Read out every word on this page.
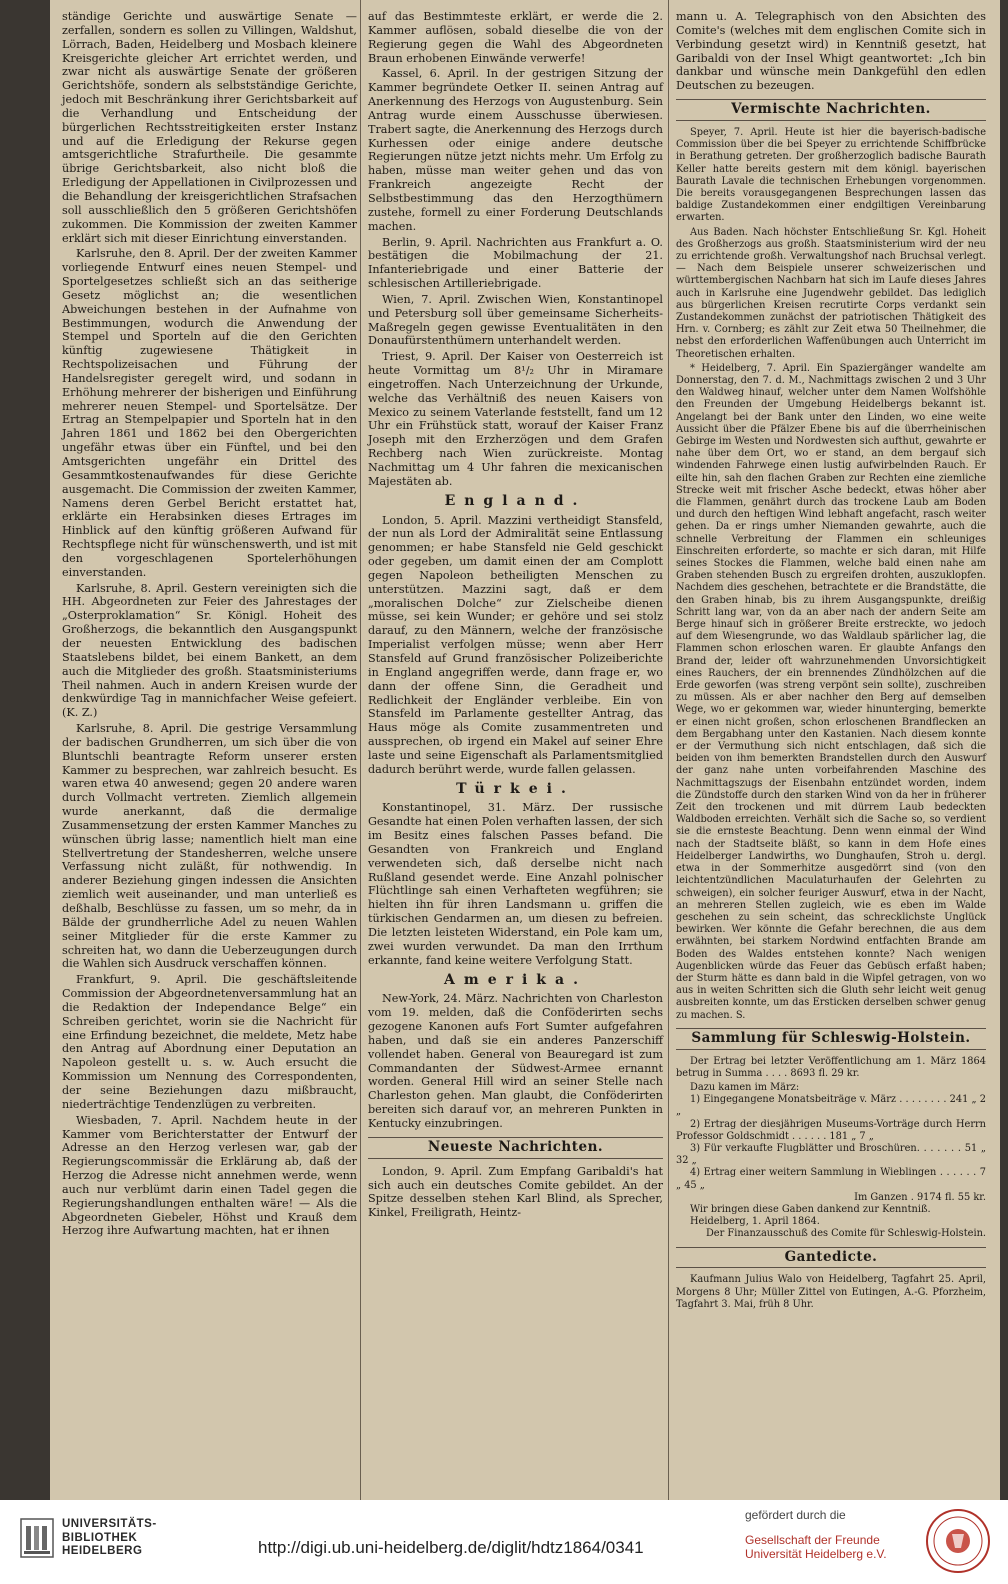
ständige Gerichte und auswärtige Senate — zerfallen, sondern es sollen zu Villingen, Waldshut, Lörrach, Baden, Heidelberg und Mosbach kleinere Kreisgerichte gleicher Art errichtet werden, und zwar nicht als auswärtige Senate der größeren Gerichtshöfe, sondern als selbstständige Gerichte, jedoch mit Beschränkung ihrer Gerichtsbarkeit auf die Verhandlung und Entscheidung der bürgerlichen Rechtsstreitigkeiten erster Instanz und auf die Erledigung der Rekurse gegen amtsgerichtliche Strafurtheile. Die gesammte übrige Gerichtsbarkeit, also nicht bloß die Erledigung der Appellationen in Civilprozessen und die Behandlung der kreisgerichtlichen Strafsachen soll ausschließlich den 5 größeren Gerichtshöfen zukommen. Die Kommission der zweiten Kammer erklärt sich mit dieser Einrichtung einverstanden.

Karlsruhe, den 8. April. Der der zweiten Kammer vorliegende Entwurf eines neuen Stempel- und Sportelgesetzes schließt sich an das seitherige Gesetz möglichst an; die wesentlichen Abweichungen bestehen in der Aufnahme von Bestimmungen, wodurch die Anwendung der Stempel und Sporteln auf die den Gerichten künftig zugewiesene Thätigkeit in Rechtspolizeisachen und Führung der Handelsregister geregelt wird, und sodann in Erhöhung mehrerer der bisherigen und Einführung mehrerer neuen Stempel- und Sportelsätze. Der Ertrag an Stempelpapier und Sporteln hat in den Jahren 1861 und 1862 bei den Obergerichten ungefähr etwas über ein Fünftel, und bei den Amtsgerichten ungefähr ein Drittel des Gesammtkostenaufwandes für diese Gerichte ausgemacht. Die Commission der zweiten Kammer, Namens deren Gerbel Bericht erstattet hat, erklärte ein Herabsinken dieses Ertrages im Hinblick auf den künftig größeren Aufwand für Rechtspflege nicht für wünschenswerth, und ist mit den vorgeschlagenen Sportelerhöhungen einverstanden.

Karlsruhe, 8. April. Gestern vereinigten sich die HH. Abgeordneten zur Feier des Jahrestages der „Osterproklamation“ Sr. Königl. Hoheit des Großherzogs, die bekanntlich den Ausgangspunkt der neuesten Entwicklung des badischen Staatslebens bildet, bei einem Bankett, an dem auch die Mitglieder des großh. Staatsministeriums Theil nahmen. Auch in andern Kreisen wurde der denkwürdige Tag in mannichfacher Weise gefeiert. (K. Z.)

Karlsruhe, 8. April. Die gestrige Versammlung der badischen Grundherren, um sich über die von Bluntschli beantragte Reform unserer ersten Kammer zu besprechen, war zahlreich besucht. Es waren etwa 40 anwesend; gegen 20 andere waren durch Vollmacht vertreten. Ziemlich allgemein wurde anerkannt, daß die dermalige Zusammensetzung der ersten Kammer Manches zu wünschen übrig lasse; namentlich hielt man eine Stellvertretung der Standesherren, welche unsere Verfassung nicht zuläßt, für nothwendig. In anderer Beziehung gingen indessen die Ansichten ziemlich weit auseinander, und man unterließ es deßhalb, Beschlüsse zu fassen, um so mehr, da in Bälde der grundherrliche Adel zu neuen Wahlen seiner Mitglieder für die erste Kammer zu schreiten hat, wo dann die Ueberzeugungen durch die Wahlen sich Ausdruck verschaffen können.

Frankfurt, 9. April. Die geschäftsleitende Commission der Abgeordnetenversammlung hat an die Redaktion der Independance Belge“ ein Schreiben gerichtet, worin sie die Nachricht für eine Erfindung bezeichnet, die meldete, Metz habe den Antrag auf Abordnung einer Deputation an Napoleon gestellt u. s. w. Auch ersucht die Kommission um Nennung des Correspondenten, der seine Beziehungen dazu mißbraucht, niederträchtige Tendenzlügen zu verbreiten.

Wiesbaden, 7. April. Nachdem heute in der Kammer vom Berichterstatter der Entwurf der Adresse an den Herzog verlesen war, gab der Regierungscommissär die Erklärung ab, daß der Herzog die Adresse nicht annehmen werde, wenn auch nur verblümt darin einen Tadel gegen die Regierungshandlungen enthalten wäre! — Als die Abgeordneten Giebeler, Höhst und Krauß dem Herzog ihre Aufwartung machten, hat er ihnen

auf das Bestimmteste erklärt, er werde die 2. Kammer auflösen, sobald dieselbe die von der Regierung gegen die Wahl des Abgeordneten Braun erhobenen Einwände verwerfe!

Kassel, 6. April. In der gestrigen Sitzung der Kammer begründete Oetker II. seinen Antrag auf Anerkennung des Herzogs von Augustenburg. Sein Antrag wurde einem Ausschusse überwiesen. Trabert sagte, die Anerkennung des Herzogs durch Kurhessen oder einige andere deutsche Regierungen nütze jetzt nichts mehr. Um Erfolg zu haben, müsse man weiter gehen und das von Frankreich angezeigte Recht der Selbstbestimmung das den Herzogthümern zustehe, formell zu einer Forderung Deutschlands machen.

Berlin, 9. April. Nachrichten aus Frankfurt a. O. bestätigen die Mobilmachung der 21. Infanteriebrigade und einer Batterie der schlesischen Artilleriebrigade.

Wien, 7. April. Zwischen Wien, Konstantinopel und Petersburg soll über gemeinsame Sicherheits-Maßregeln gegen gewisse Eventualitäten in den Donaufürstenthümern unterhandelt werden.

Triest, 9. April. Der Kaiser von Oesterreich ist heute Vormittag um 8¹/₂ Uhr in Miramare eingetroffen. Nach Unterzeichnung der Urkunde, welche das Verhältniß des neuen Kaisers von Mexico zu seinem Vaterlande feststellt, fand um 12 Uhr ein Frühstück statt, worauf der Kaiser Franz Joseph mit den Erzherzögen und dem Grafen Rechberg nach Wien zurückreiste. Montag Nachmittag um 4 Uhr fahren die mexicanischen Majestäten ab.

England.

London, 5. April. Mazzini vertheidigt Stansfeld, der nun als Lord der Admiralität seine Entlassung genommen; er habe Stansfeld nie Geld geschickt oder gegeben, um damit einen der am Complott gegen Napoleon betheiligten Menschen zu unterstützen. Mazzini sagt, daß er dem „moralischen Dolche“ zur Zielscheibe dienen müsse, sei kein Wunder; er gehöre und sei stolz darauf, zu den Männern, welche der französische Imperialist verfolgen müsse; wenn aber Herr Stansfeld auf Grund französischer Polizeiberichte in England angegriffen werde, dann frage er, wo dann der offene Sinn, die Geradheit und Redlichkeit der Engländer verbleibe. Ein von Stansfeld im Parlamente gestellter Antrag, das Haus möge als Comite zusammentreten und aussprechen, ob irgend ein Makel auf seiner Ehre laste und seine Eigenschaft als Parlamentsmitglied dadurch berührt werde, wurde fallen gelassen.

Türkei.

Konstantinopel, 31. März. Der russische Gesandte hat einen Polen verhaften lassen, der sich im Besitz eines falschen Passes befand. Die Gesandten von Frankreich und England verwendeten sich, daß derselbe nicht nach Rußland gesendet werde. Eine Anzahl polnischer Flüchtlinge sah einen Verhafteten wegführen; sie hielten ihn für ihren Landsmann u. griffen die türkischen Gendarmen an, um diesen zu befreien. Die letzten leisteten Widerstand, ein Pole kam um, zwei wurden verwundet. Da man den Irrthum erkannte, fand keine weitere Verfolgung Statt.

Amerika.

New-York, 24. März. Nachrichten von Charleston vom 19. melden, daß die Conföderirten sechs gezogene Kanonen aufs Fort Sumter aufgefahren haben, und daß sie ein anderes Panzerschiff vollendet haben. General von Beauregard ist zum Commandanten der Südwest-Armee ernannt worden. General Hill wird an seiner Stelle nach Charleston gehen. Man glaubt, die Conföderirten bereiten sich darauf vor, an mehreren Punkten in Kentucky einzubringen.

Neueste Nachrichten.

London, 9. April. Zum Empfang Garibaldi's hat sich auch ein deutsches Comite gebildet. An der Spitze desselben stehen Karl Blind, als Sprecher, Kinkel, Freiligrath, Heintz-

mann u. A. Telegraphisch von den Absichten des Comite's (welches mit dem englischen Comite sich in Verbindung gesetzt wird) in Kenntniß gesetzt, hat Garibaldi von der Insel Whigt geantwortet: „Ich bin dankbar und wünsche mein Dankgefühl den edlen Deutschen zu bezeugen.

Vermischte Nachrichten.

Speyer, 7. April. Heute ist hier die bayerisch-badische Commission über die bei Speyer zu errichtende Schiffbrücke in Berathung getreten. Der großherzoglich badische Baurath Keller hatte bereits gestern mit dem königl. bayerischen Baurath Lavale die technischen Erhebungen vorgenommen. Die bereits vorausgegangenen Besprechungen lassen das baldige Zustandekommen einer endgiltigen Vereinbarung erwarten.

Aus Baden. Nach höchster Entschließung Sr. Kgl. Hoheit des Großherzogs aus großh. Staatsministerium wird der neu zu errichtende großh. Verwaltungshof nach Bruchsal verlegt. — Nach dem Beispiele unserer schweizerischen und württembergischen Nachbarn hat sich im Laufe dieses Jahres auch in Karlsruhe eine Jugendwehr gebildet. Das lediglich aus bürgerlichen Kreisen recrutirte Corps verdankt sein Zustandekommen zunächst der patriotischen Thätigkeit des Hrn. v. Cornberg; es zählt zur Zeit etwa 50 Theilnehmer, die nebst den erforderlichen Waffenübungen auch Unterricht im Theoretischen erhalten.

* Heidelberg, 7. April. Ein Spaziergänger wandelte am Donnerstag, den 7. d. M., Nachmittags zwischen 2 und 3 Uhr den Waldweg hinauf, welcher unter dem Namen Wolfshöhle den Freunden der Umgebung Heidelbergs bekannt ist. Angelangt bei der Bank unter den Linden, wo eine weite Aussicht über die Pfälzer Ebene bis auf die überrheinischen Gebirge im Westen und Nordwesten sich aufthut, gewahrte er nahe über dem Ort, wo er stand, an dem bergauf sich windenden Fahrwege einen lustig aufwirbelnden Rauch. Er eilte hin, sah den flachen Graben zur Rechten eine ziemliche Strecke weit mit frischer Asche bedeckt, etwas höher aber die Flammen, genährt durch das trockene Laub am Boden und durch den heftigen Wind lebhaft angefacht, rasch weiter gehen. Da er rings umher Niemanden gewahrte, auch die schnelle Verbreitung der Flammen ein schleuniges Einschreiten erforderte, so machte er sich daran, mit Hilfe seines Stockes die Flammen, welche bald einen nahe am Graben stehenden Busch zu ergreifen drohten, auszuklopfen. Nachdem dies geschehen, betrachtete er die Brandstätte, die den Graben hinab, bis zu ihrem Ausgangspunkte, dreißig Schritt lang war, von da an aber nach der andern Seite am Berge hinauf sich in größerer Breite erstreckte, wo jedoch auf dem Wiesengrunde, wo das Waldlaub spärlicher lag, die Flammen schon erloschen waren. Er glaubte Anfangs den Brand der, leider oft wahrzunehmenden Unvorsichtigkeit eines Rauchers, der ein brennendes Zündhölzchen auf die Erde geworfen (was streng verpönt sein sollte), zuschreiben zu müssen. Als er aber nachher den Berg auf demselben Wege, wo er gekommen war, wieder hinunterging, bemerkte er einen nicht großen, schon erloschenen Brandflecken an dem Bergabhang unter den Kastanien. Nach diesem konnte er der Vermuthung sich nicht entschlagen, daß sich die beiden von ihm bemerkten Brandstellen durch den Auswurf der ganz nahe unten vorbeifahrenden Maschine des Nachmittagszugs der Eisenbahn entzündet worden, indem die Zündstoffe durch den starken Wind von da her in früherer Zeit den trockenen und mit dürrem Laub bedeckten Waldboden erreichten. Verhält sich die Sache so, so verdient sie die ernsteste Beachtung. Denn wenn einmal der Wind nach der Stadtseite bläßt, so kann in dem Hofe eines Heidelberger Landwirths, wo Dunghaufen, Stroh u. dergl. etwa in der Sommerhitze ausgedörrt sind (von den leichtentzündlichen Maculaturhaufen der Gelehrten zu schweigen), ein solcher feuriger Auswurf, etwa in der Nacht, an mehreren Stellen zugleich, wie es eben im Walde geschehen zu sein scheint, das schrecklichste Unglück bewirken. Wer könnte die Gefahr berechnen, die aus dem erwähnten, bei starkem Nordwind entfachten Brande am Boden des Waldes entstehen konnte? Nach wenigen Augenblicken würde das Feuer das Gebüsch erfaßt haben; der Sturm hätte es dann bald in die Wipfel getragen, von wo aus in weiten Schritten sich die Gluth sehr leicht weit genug ausbreiten konnte, um das Ersticken derselben schwer genug zu machen. S.

Sammlung für Schleswig-Holstein.

Der Ertrag bei letzter Veröffentlichung am 1. März 1864 betrug in Summa . . . . 8693 fl. 29 kr.

Dazu kamen im März:

1) Eingegangene Monatsbeiträge v. März . . . . . . . . 241 „ 2 „

2) Ertrag der diesjährigen Museums-Vorträge durch Herrn Professor Goldschmidt . . . . . . 181 „ 7 „

3) Für verkaufte Flugblätter und Broschüren. . . . . . . 51 „ 32 „

4) Ertrag einer weitern Sammlung in Wieblingen . . . . . . 7 „ 45 „

Im Ganzen . 9174 fl. 55 kr.

Wir bringen diese Gaben dankend zur Kenntniß.

Heidelberg, 1. April 1864.

Der Finanzausschuß des Comite für Schleswig-Holstein.

Gantedicte.

Kaufmann Julius Walo von Heidelberg, Tagfahrt 25. April, Morgens 8 Uhr; Müller Zittel von Eutingen, A.-G. Pforzheim, Tagfahrt 3. Mai, früh 8 Uhr.

UNIVERSITÄTS-
BIBLIOTHEK
HEIDELBERG	http://digi.ub.uni-heidelberg.de/diglit/hdtz1864/0341
gefördert durch die
Gesellschaft der Freunde
Universität Heidelberg e.V.
